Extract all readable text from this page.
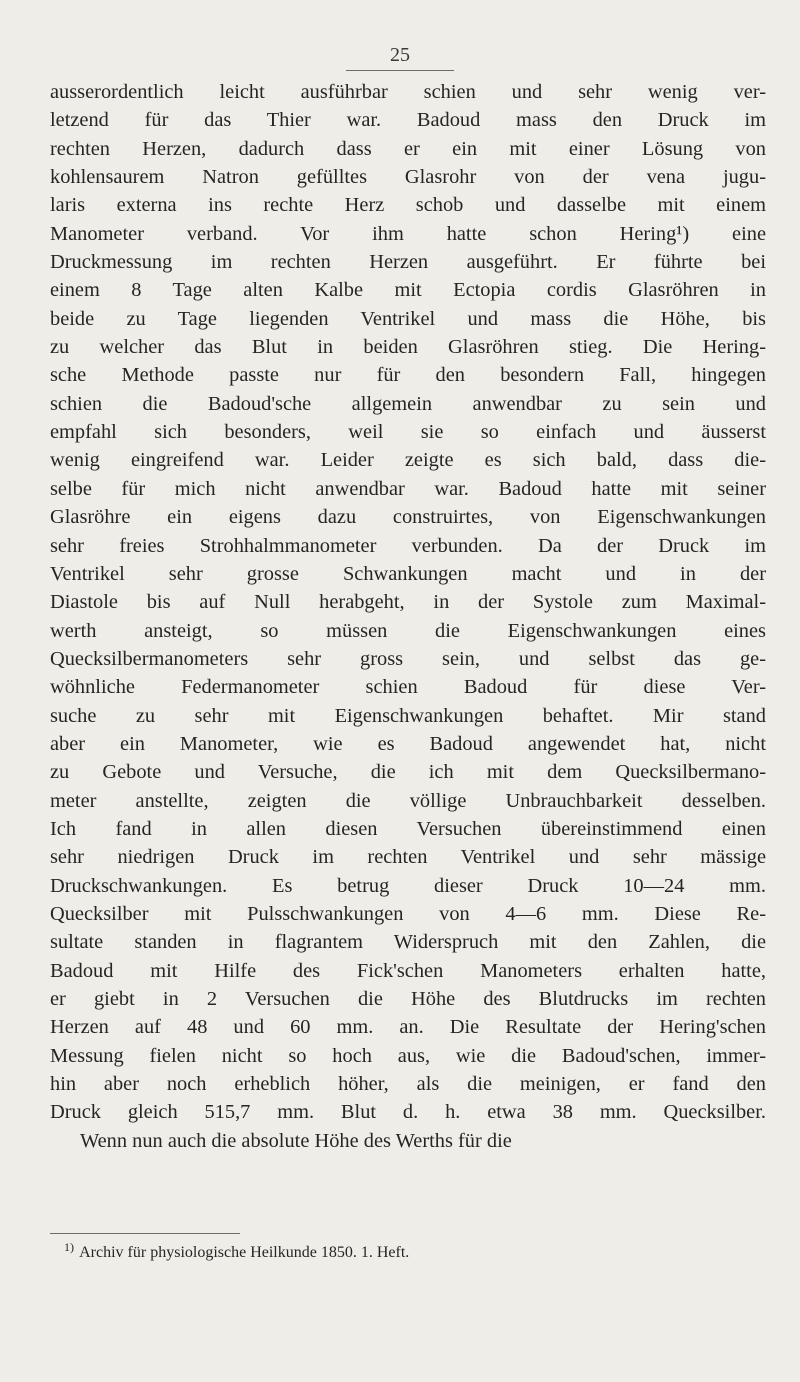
25
ausserordentlich leicht ausführbar schien und sehr wenig ver-
letzend für das Thier war. Badoud mass den Druck im
rechten Herzen, dadurch dass er ein mit einer Lösung von
kohlensaurem Natron gefülltes Glasrohr von der vena jugu-
laris externa ins rechte Herz schob und dasselbe mit einem
Manometer verband. Vor ihm hatte schon Hering¹) eine
Druckmessung im rechten Herzen ausgeführt. Er führte bei
einem 8 Tage alten Kalbe mit Ectopia cordis Glasröhren in
beide zu Tage liegenden Ventrikel und mass die Höhe, bis
zu welcher das Blut in beiden Glasröhren stieg. Die Hering-
sche Methode passte nur für den besondern Fall, hingegen
schien die Badoud'sche allgemein anwendbar zu sein und
empfahl sich besonders, weil sie so einfach und äusserst
wenig eingreifend war. Leider zeigte es sich bald, dass die-
selbe für mich nicht anwendbar war. Badoud hatte mit seiner
Glasröhre ein eigens dazu construirtes, von Eigenschwankungen
sehr freies Strohhalmmanometer verbunden. Da der Druck im
Ventrikel sehr grosse Schwankungen macht und in der
Diastole bis auf Null herabgeht, in der Systole zum Maximal-
werth ansteigt, so müssen die Eigenschwankungen eines
Quecksilbermanometers sehr gross sein, und selbst das ge-
wöhnliche Federmanometer schien Badoud für diese Ver-
suche zu sehr mit Eigenschwankungen behaftet. Mir stand
aber ein Manometer, wie es Badoud angewendet hat, nicht
zu Gebote und Versuche, die ich mit dem Quecksilbermano-
meter anstellte, zeigten die völlige Unbrauchbarkeit desselben.
Ich fand in allen diesen Versuchen übereinstimmend einen
sehr niedrigen Druck im rechten Ventrikel und sehr mässige
Druckschwankungen. Es betrug dieser Druck 10—24 mm.
Quecksilber mit Pulsschwankungen von 4—6 mm. Diese Re-
sultate standen in flagrantem Widerspruch mit den Zahlen, die
Badoud mit Hilfe des Fick'schen Manometers erhalten hatte,
er giebt in 2 Versuchen die Höhe des Blutdrucks im rechten
Herzen auf 48 und 60 mm. an. Die Resultate der Hering'schen
Messung fielen nicht so hoch aus, wie die Badoud'schen, immer-
hin aber noch erheblich höher, als die meinigen, er fand den
Druck gleich 515,7 mm. Blut d. h. etwa 38 mm. Quecksilber.
Wenn nun auch die absolute Höhe des Werths für die
$^{1)}$ Archiv für physiologische Heilkunde 1850. 1. Heft.
